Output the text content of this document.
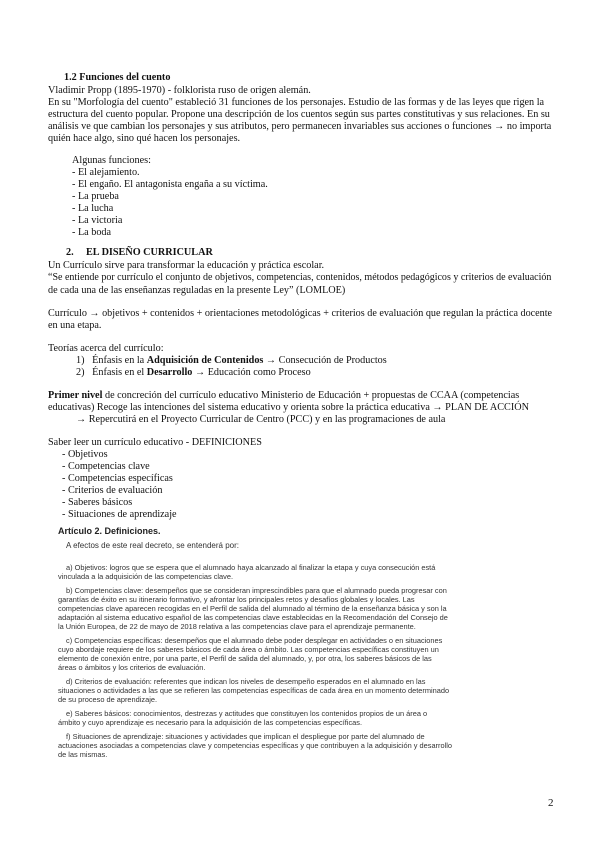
1.2 Funciones del cuento
Vladimir Propp (1895-1970) - folklorista ruso de origen alemán.
En su "Morfología del cuento" estableció 31 funciones de los personajes. Estudio de las formas y de las leyes que rigen la
estructura del cuento popular. Propone una descripción de los cuentos según sus partes constitutivas y sus relaciones. En su
análisis ve que cambian los personajes y sus atributos, pero permanecen invariables sus acciones o funciones → no importa
quién hace algo, sino qué hacen los personajes.
Algunas funciones:
- El alejamiento.
- El engaño. El antagonista engaña a su víctima.
- La prueba
- La lucha
- La victoria
- La boda
2. EL DISEÑO CURRICULAR
Un Currículo sirve para transformar la educación y práctica escolar.
“Se entiende por currículo el conjunto de objetivos, competencias, contenidos, métodos pedagógicos y criterios de evaluación
de cada una de las enseñanzas reguladas en la presente Ley” (LOMLOE)
Currículo → objetivos + contenidos + orientaciones metodológicas + criterios de evaluación que regulan la práctica docente
en una etapa.
Teorías acerca del currículo:
1) Énfasis en la Adquisición de Contenidos → Consecución de Productos
2) Énfasis en el Desarrollo → Educación como Proceso
Primer nivel de concreción del currículo educativo Ministerio de Educación + propuestas de CCAA (competencias
educativas) Recoge las intenciones del sistema educativo y orienta sobre la práctica educativa → PLAN DE ACCIÓN
→ Repercutirá en el Proyecto Curricular de Centro (PCC) y en las programaciones de aula
Saber leer un currículo educativo - DEFINICIONES
- Objetivos
- Competencias clave
- Competencias específicas
- Criterios de evaluación
- Saberes básicos
- Situaciones de aprendizaje
Artículo 2. Definiciones.
A efectos de este real decreto, se entenderá por:
a) Objetivos: logros que se espera que el alumnado haya alcanzado al finalizar la etapa y cuya consecución está
vinculada a la adquisición de las competencias clave.
b) Competencias clave: desempeños que se consideran imprescindibles para que el alumnado pueda progresar con
garantías de éxito en su itinerario formativo, y afrontar los principales retos y desafíos globales y locales. Las
competencias clave aparecen recogidas en el Perfil de salida del alumnado al término de la enseñanza básica y son la
adaptación al sistema educativo español de las competencias clave establecidas en la Recomendación del Consejo de
la Unión Europea, de 22 de mayo de 2018 relativa a las competencias clave para el aprendizaje permanente.
c) Competencias específicas: desempeños que el alumnado debe poder desplegar en actividades o en situaciones
cuyo abordaje requiere de los saberes básicos de cada área o ámbito. Las competencias específicas constituyen un
elemento de conexión entre, por una parte, el Perfil de salida del alumnado, y, por otra, los saberes básicos de las
áreas o ámbitos y los criterios de evaluación.
d) Criterios de evaluación: referentes que indican los niveles de desempeño esperados en el alumnado en las
situaciones o actividades a las que se refieren las competencias específicas de cada área en un momento determinado
de su proceso de aprendizaje.
e) Saberes básicos: conocimientos, destrezas y actitudes que constituyen los contenidos propios de un área o
ámbito y cuyo aprendizaje es necesario para la adquisición de las competencias específicas.
f) Situaciones de aprendizaje: situaciones y actividades que implican el despliegue por parte del alumnado de
actuaciones asociadas a competencias clave y competencias específicas y que contribuyen a la adquisición y desarrollo
de las mismas.
2
